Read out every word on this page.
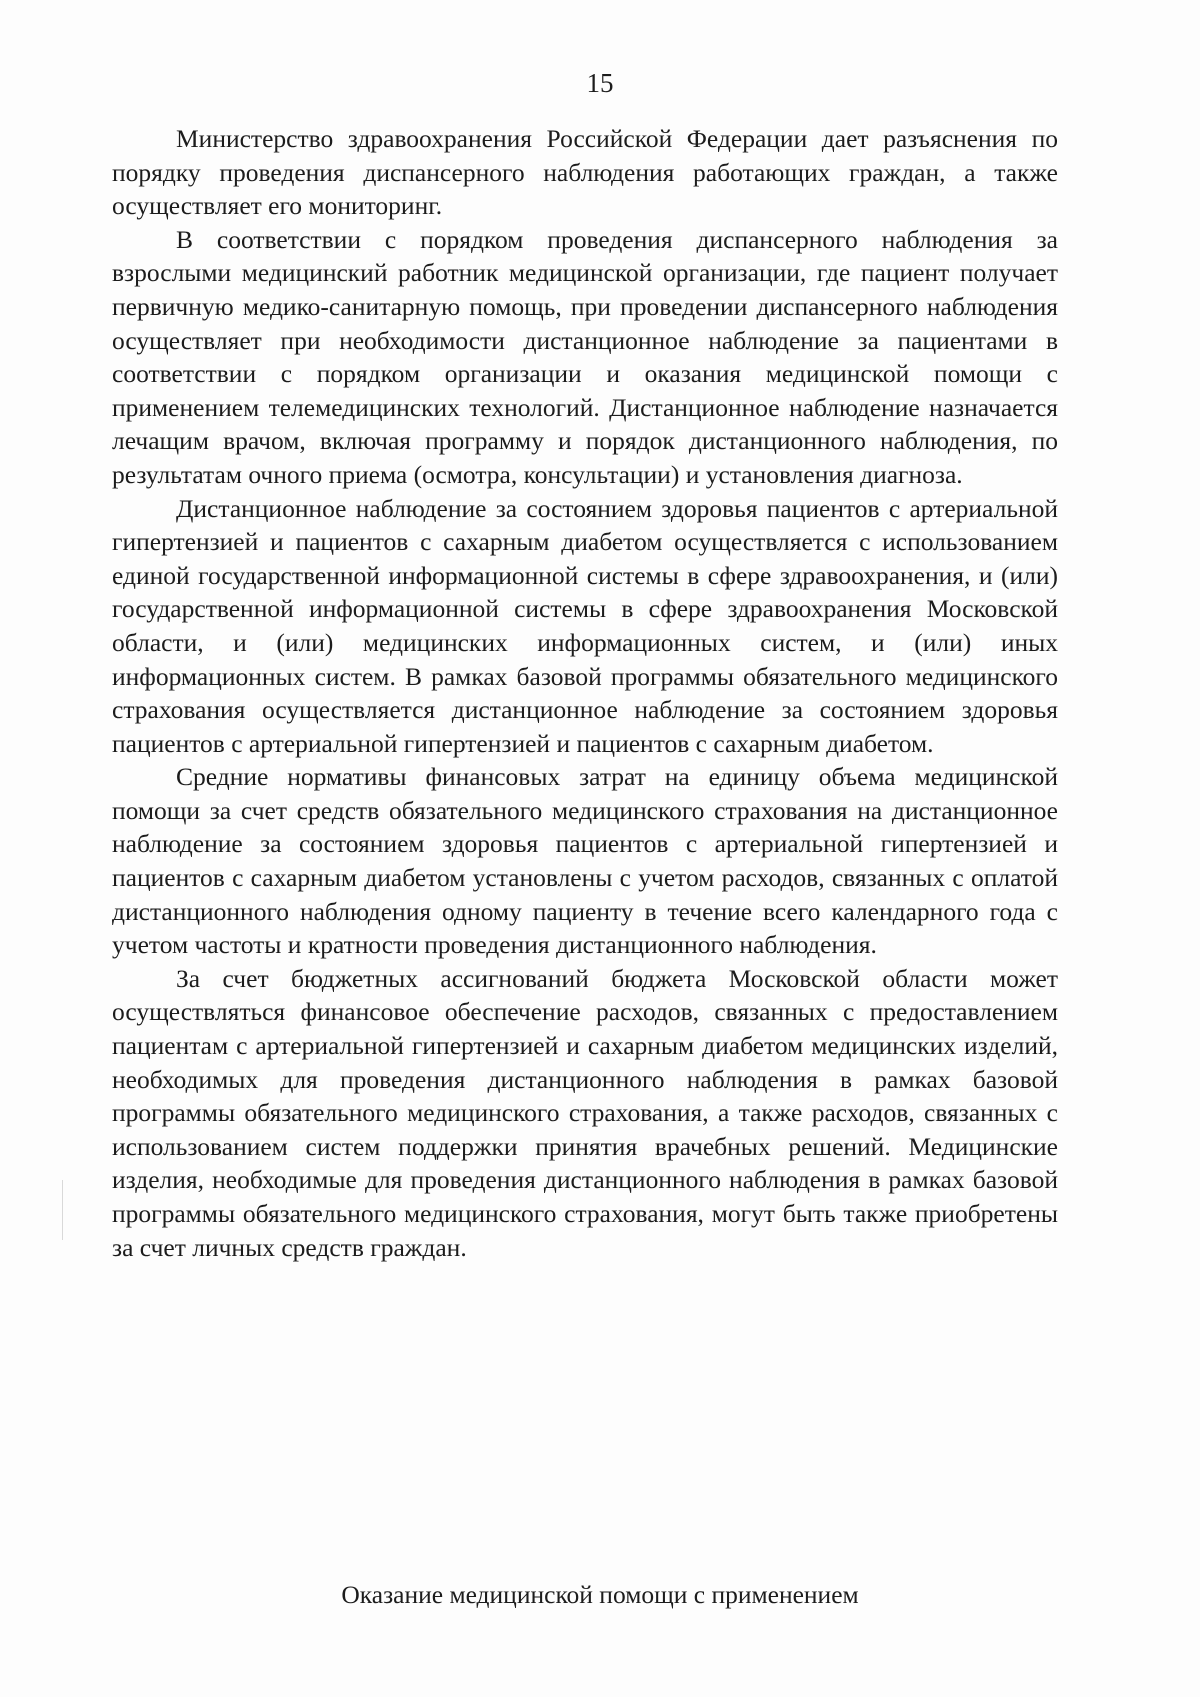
15

Министерство здравоохранения Российской Федерации дает разъяснения по порядку проведения диспансерного наблюдения работающих граждан, а также осуществляет его мониторинг.

В соответствии с порядком проведения диспансерного наблюдения за взрослыми медицинский работник медицинской организации, где пациент получает первичную медико-санитарную помощь, при проведении диспансерного наблюдения осуществляет при необходимости дистанционное наблюдение за пациентами в соответствии с порядком организации и оказания медицинской помощи с применением телемедицинских технологий. Дистанционное наблюдение назначается лечащим врачом, включая программу и порядок дистанционного наблюдения, по результатам очного приема (осмотра, консультации) и установления диагноза.

Дистанционное наблюдение за состоянием здоровья пациентов с артериальной гипертензией и пациентов с сахарным диабетом осуществляется с использованием единой государственной информационной системы в сфере здравоохранения, и (или) государственной информационной системы в сфере здравоохранения Московской области, и (или) медицинских информационных систем, и (или) иных информационных систем. В рамках базовой программы обязательного медицинского страхования осуществляется дистанционное наблюдение за состоянием здоровья пациентов с артериальной гипертензией и пациентов с сахарным диабетом.

Средние нормативы финансовых затрат на единицу объема медицинской помощи за счет средств обязательного медицинского страхования на дистанционное наблюдение за состоянием здоровья пациентов с артериальной гипертензией и пациентов с сахарным диабетом установлены с учетом расходов, связанных с оплатой дистанционного наблюдения одному пациенту в течение всего календарного года с учетом частоты и кратности проведения дистанционного наблюдения.

За счет бюджетных ассигнований бюджета Московской области может осуществляться финансовое обеспечение расходов, связанных с предоставлением пациентам с артериальной гипертензией и сахарным диабетом медицинских изделий, необходимых для проведения дистанционного наблюдения в рамках базовой программы обязательного медицинского страхования, а также расходов, связанных с использованием систем поддержки принятия врачебных решений. Медицинские изделия, необходимые для проведения дистанционного наблюдения в рамках базовой программы обязательного медицинского страхования, могут быть также приобретены за счет личных средств граждан.

Оказание медицинской помощи с применением
